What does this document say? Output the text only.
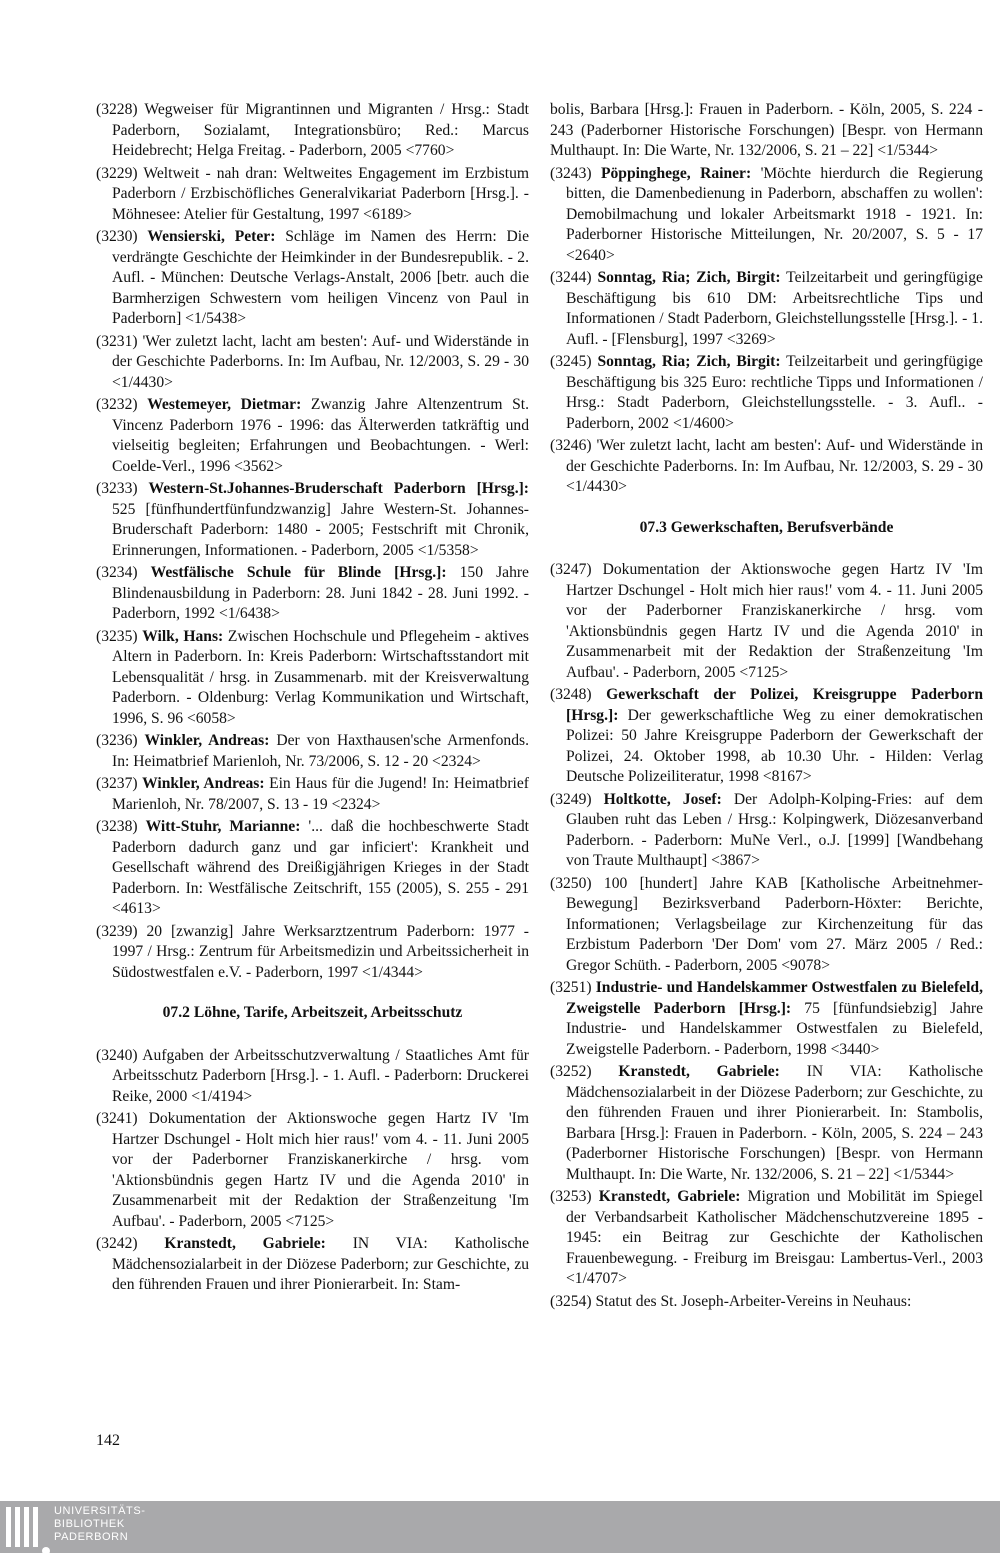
(3228) Wegweiser für Migrantinnen und Migranten / Hrsg.: Stadt Paderborn, Sozialamt, Integrationsbüro; Red.: Marcus Heidebrecht; Helga Freitag. - Paderborn, 2005 <7760>
(3229) Weltweit - nah dran: Weltweites Engagement im Erzbistum Paderborn / Erzbischöfliches Generalvikariat Paderborn [Hrsg.]. - Möhnesee: Atelier für Gestaltung, 1997 <6189>
(3230) Wensierski, Peter: Schläge im Namen des Herrn: Die verdrängte Geschichte der Heimkinder in der Bundesrepublik. - 2. Aufl. - München: Deutsche Verlags-Anstalt, 2006 [betr. auch die Barmherzigen Schwestern vom heiligen Vincenz von Paul in Paderborn] <1/5438>
(3231) 'Wer zuletzt lacht, lacht am besten': Auf- und Widerstände in der Geschichte Paderborns. In: Im Aufbau, Nr. 12/2003, S. 29 - 30 <1/4430>
(3232) Westemeyer, Dietmar: Zwanzig Jahre Altenzentrum St. Vincenz Paderborn 1976 - 1996: das Älterwerden tatkräftig und vielseitig begleiten; Erfahrungen und Beobachtungen. - Werl: Coelde-Verl., 1996 <3562>
(3233) Western-St.Johannes-Bruderschaft Paderborn [Hrsg.]: 525 [fünfhundertfünfundzwanzig] Jahre Western-St. Johannes-Bruderschaft Paderborn: 1480 - 2005; Festschrift mit Chronik, Erinnerungen, Informationen. - Paderborn, 2005 <1/5358>
(3234) Westfälische Schule für Blinde [Hrsg.]: 150 Jahre Blindenausbildung in Paderborn: 28. Juni 1842 - 28. Juni 1992. - Paderborn, 1992 <1/6438>
(3235) Wilk, Hans: Zwischen Hochschule und Pflegeheim - aktives Altern in Paderborn. In: Kreis Paderborn: Wirtschaftsstandort mit Lebensqualität / hrsg. in Zusammenarb. mit der Kreisverwaltung Paderborn. - Oldenburg: Verlag Kommunikation und Wirtschaft, 1996, S. 96 <6058>
(3236) Winkler, Andreas: Der von Haxthausen'sche Armenfonds. In: Heimatbrief Marienloh, Nr. 73/2006, S. 12 - 20 <2324>
(3237) Winkler, Andreas: Ein Haus für die Jugend! In: Heimatbrief Marienloh, Nr. 78/2007, S. 13 - 19 <2324>
(3238) Witt-Stuhr, Marianne: '... daß die hochbeschwerte Stadt Paderborn dadurch ganz und gar inficiert': Krankheit und Gesellschaft während des Dreißigjährigen Krieges in der Stadt Paderborn. In: Westfälische Zeitschrift, 155 (2005), S. 255 - 291 <4613>
(3239) 20 [zwanzig] Jahre Werksarztzentrum Paderborn: 1977 - 1997 / Hrsg.: Zentrum für Arbeitsmedizin und Arbeitssicherheit in Südostwestfalen e.V. - Paderborn, 1997 <1/4344>
07.2 Löhne, Tarife, Arbeitszeit, Arbeitsschutz
(3240) Aufgaben der Arbeitsschutzverwaltung / Staatliches Amt für Arbeitsschutz Paderborn [Hrsg.]. - 1. Aufl. - Paderborn: Druckerei Reike, 2000 <1/4194>
(3241) Dokumentation der Aktionswoche gegen Hartz IV 'Im Hartzer Dschungel - Holt mich hier raus!' vom 4. - 11. Juni 2005 vor der Paderborner Franziskanerkirche / hrsg. vom 'Aktionsbündnis gegen Hartz IV und die Agenda 2010' in Zusammenarbeit mit der Redaktion der Straßenzeitung 'Im Aufbau'. - Paderborn, 2005 <7125>
(3242) Kranstedt, Gabriele: IN VIA: Katholische Mädchensozialarbeit in der Diözese Paderborn; zur Geschichte, zu den führenden Frauen und ihrer Pionierarbeit. In: Stam-
bolis, Barbara [Hrsg.]: Frauen in Paderborn. - Köln, 2005, S. 224 - 243 (Paderborner Historische Forschungen) [Bespr. von Hermann Multhaupt. In: Die Warte, Nr. 132/2006, S. 21 – 22] <1/5344>
(3243) Pöppinghege, Rainer: 'Möchte hierdurch die Regierung bitten, die Damenbedienung in Paderborn, abschaffen zu wollen': Demobilmachung und lokaler Arbeitsmarkt 1918 - 1921. In: Paderborner Historische Mitteilungen, Nr. 20/2007, S. 5 - 17 <2640>
(3244) Sonntag, Ria; Zich, Birgit: Teilzeitarbeit und geringfügige Beschäftigung bis 610 DM: Arbeitsrechtliche Tips und Informationen / Stadt Paderborn, Gleichstellungsstelle [Hrsg.]. - 1. Aufl. - [Flensburg], 1997 <3269>
(3245) Sonntag, Ria; Zich, Birgit: Teilzeitarbeit und geringfügige Beschäftigung bis 325 Euro: rechtliche Tipps und Informationen / Hrsg.: Stadt Paderborn, Gleichstellungsstelle. - 3. Aufl.. - Paderborn, 2002 <1/4600>
(3246) 'Wer zuletzt lacht, lacht am besten': Auf- und Widerstände in der Geschichte Paderborns. In: Im Aufbau, Nr. 12/2003, S. 29 - 30 <1/4430>
07.3 Gewerkschaften, Berufsverbände
(3247) Dokumentation der Aktionswoche gegen Hartz IV 'Im Hartzer Dschungel - Holt mich hier raus!' vom 4. - 11. Juni 2005 vor der Paderborner Franziskanerkirche / hrsg. vom 'Aktionsbündnis gegen Hartz IV und die Agenda 2010' in Zusammenarbeit mit der Redaktion der Straßenzeitung 'Im Aufbau'. - Paderborn, 2005 <7125>
(3248) Gewerkschaft der Polizei, Kreisgruppe Paderborn [Hrsg.]: Der gewerkschaftliche Weg zu einer demokratischen Polizei: 50 Jahre Kreisgruppe Paderborn der Gewerkschaft der Polizei, 24. Oktober 1998, ab 10.30 Uhr. - Hilden: Verlag Deutsche Polizeiliteratur, 1998 <8167>
(3249) Holtkotte, Josef: Der Adolph-Kolping-Fries: auf dem Glauben ruht das Leben / Hrsg.: Kolpingwerk, Diözesanverband Paderborn. - Paderborn: MuNe Verl., o.J. [1999] [Wandbehang von Traute Multhaupt] <3867>
(3250) 100 [hundert] Jahre KAB [Katholische Arbeitnehmer-Bewegung] Bezirksverband Paderborn-Höxter: Berichte, Informationen; Verlagsbeilage zur Kirchenzeitung für das Erzbistum Paderborn 'Der Dom' vom 27. März 2005 / Red.: Gregor Schüth. - Paderborn, 2005 <9078>
(3251) Industrie- und Handelskammer Ostwestfalen zu Bielefeld, Zweigstelle Paderborn [Hrsg.]: 75 [fünfundsiebzig] Jahre Industrie- und Handelskammer Ostwestfalen zu Bielefeld, Zweigstelle Paderborn. - Paderborn, 1998 <3440>
(3252) Kranstedt, Gabriele: IN VIA: Katholische Mädchensozialarbeit in der Diözese Paderborn; zur Geschichte, zu den führenden Frauen und ihrer Pionierarbeit. In: Stambolis, Barbara [Hrsg.]: Frauen in Paderborn. - Köln, 2005, S. 224 – 243 (Paderborner Historische Forschungen) [Bespr. von Hermann Multhaupt. In: Die Warte, Nr. 132/2006, S. 21 – 22] <1/5344>
(3253) Kranstedt, Gabriele: Migration und Mobilität im Spiegel der Verbandsarbeit Katholischer Mädchenschutzvereine 1895 - 1945: ein Beitrag zur Geschichte der Katholischen Frauenbewegung. - Freiburg im Breisgau: Lambertus-Verl., 2003 <1/4707>
(3254) Statut des St. Joseph-Arbeiter-Vereins in Neuhaus:
142
UNIVERSITÄTS-
BIBLIOTHEK
PADERBORN
